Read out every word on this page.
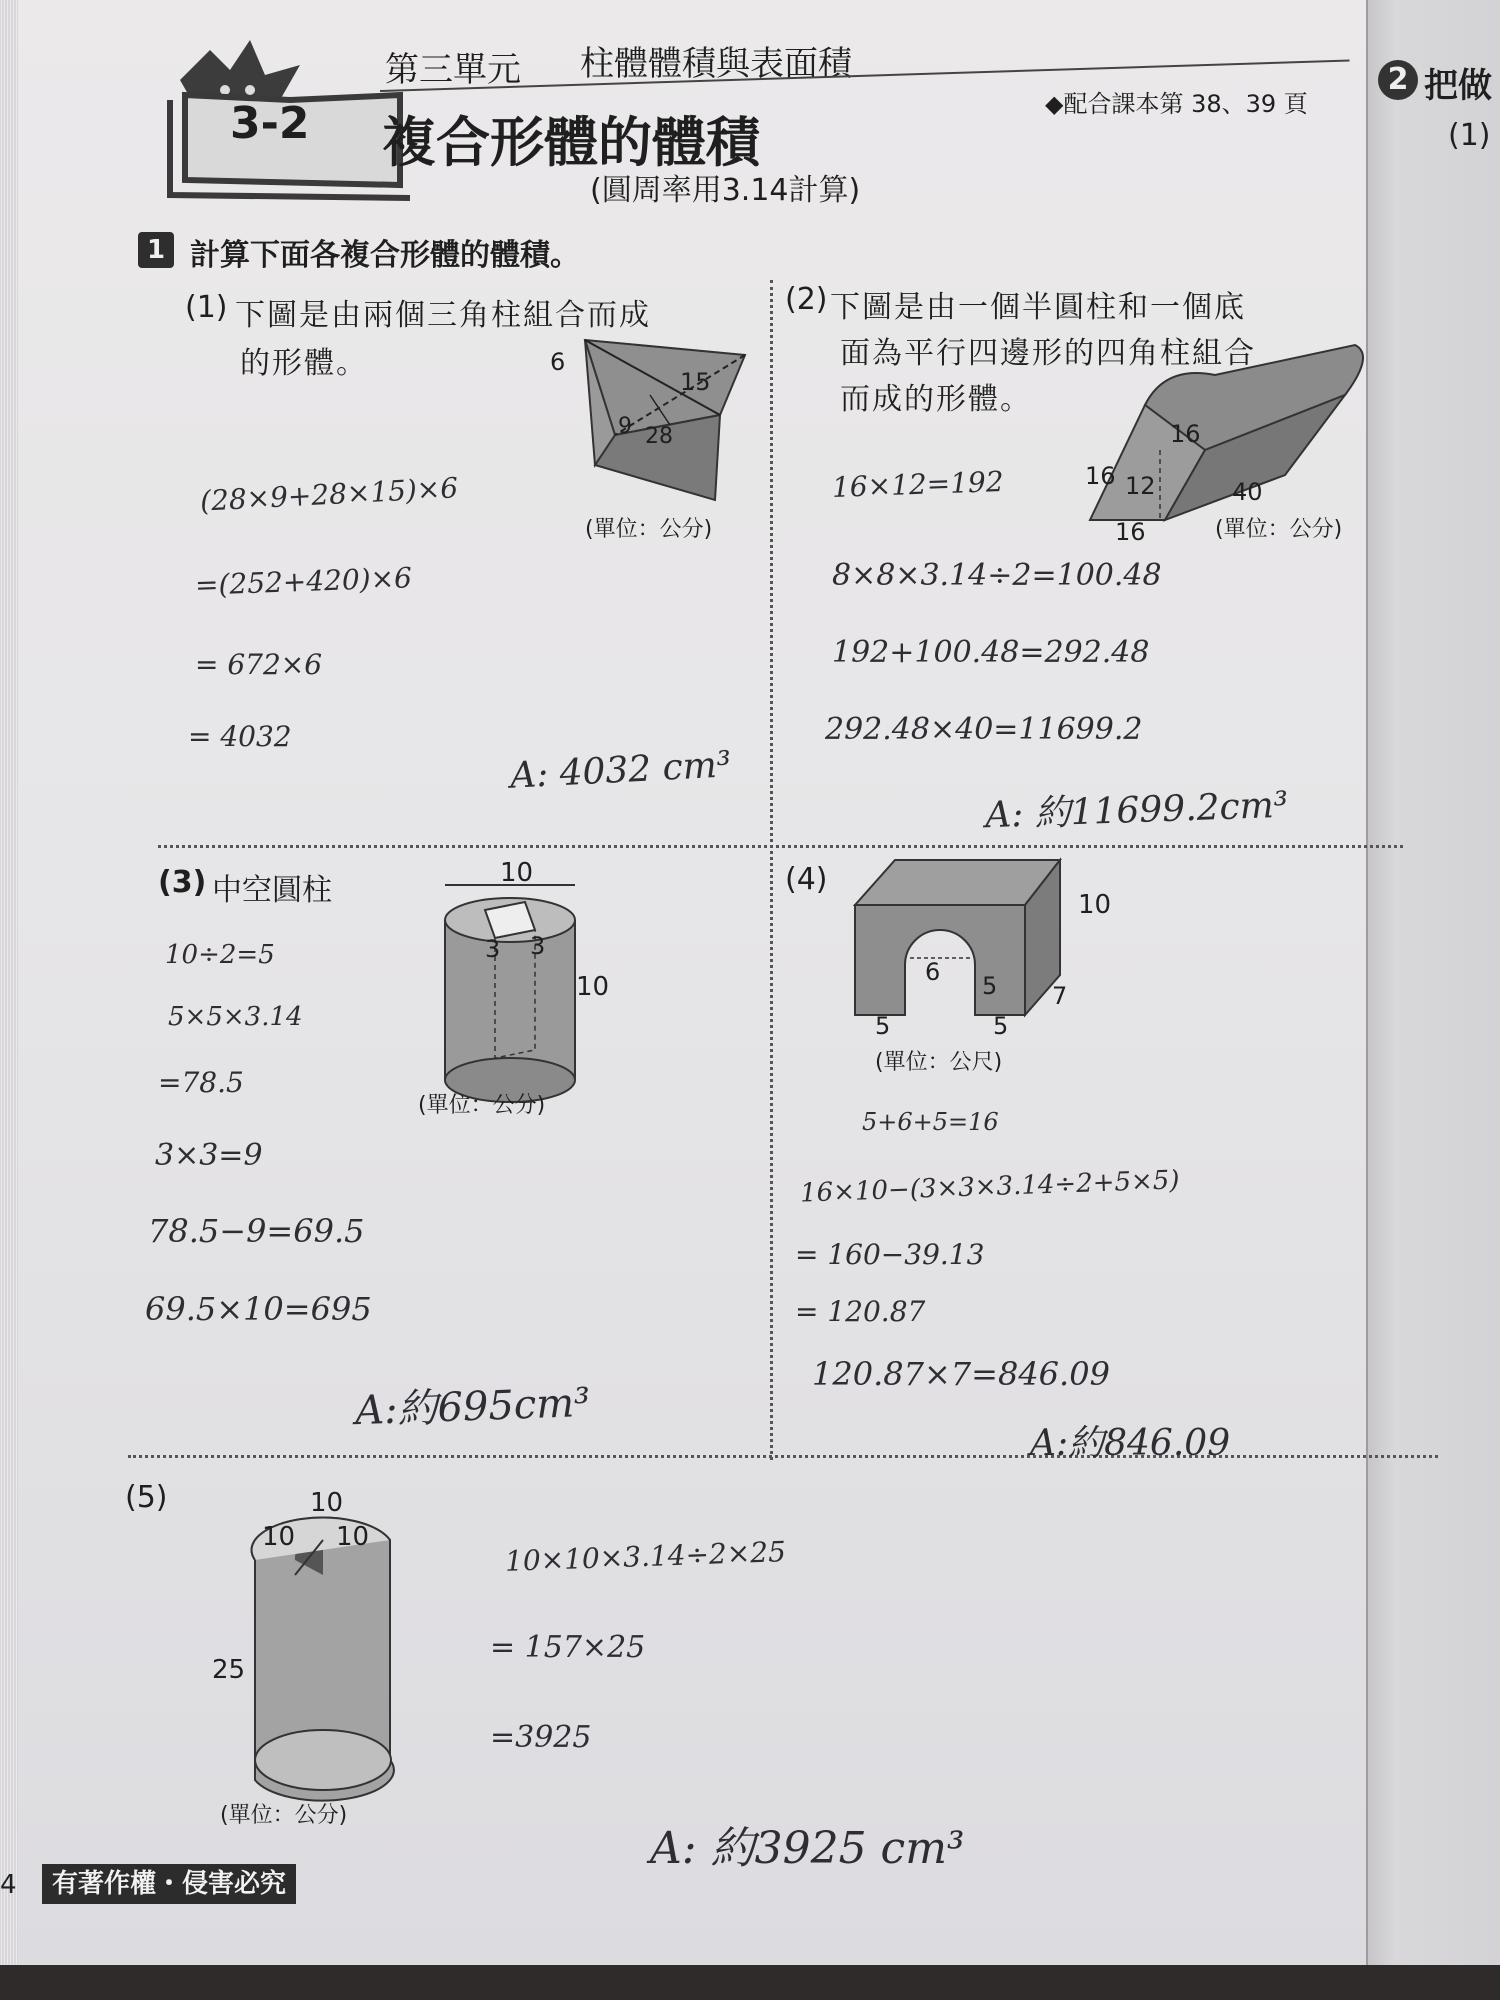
2 把做
(1)
3-2
第三單元 柱體體積與表面積
複合形體的體積
◆配合課本第 38、39 頁
(圓周率用3.14計算)
1 計算下面各複合形體的體積。
(1) 下圖是由兩個三角柱組合而成
的形體。	6
15
9 28
(單位：公分)
(28×9+28×15)×6
=(252+420)×6
= 672×6
= 4032
A: 4032 cm³
(2) 下圖是由一個半圓柱和一個底
面為平行四邊形的四角柱組合
而成的形體。
16
16 12
16
40
(單位：公分)
16×12=192
8×8×3.14÷2=100.48
192+100.48=292.48
292.48×40=11699.2
A: 約11699.2cm³
(3) 中空圓柱	10
3 3
10
(單位：公分)
10÷2=5
5×5×3.14
=78.5
3×3=9
78.5−9=69.5
69.5×10=695
A:約695cm³
(4)
10
6 5
5	5
7
(單位：公尺)
5+6+5=16
16×10−(3×3×3.14÷2+5×5)
= 160−39.13
= 120.87
120.87×7=846.09
A:約846.09
(5)
10
10
10
25
(單位：公分)
10×10×3.14÷2×25
= 157×25
=3925
A: 約3925 cm³
4	有著作權・侵害必究
